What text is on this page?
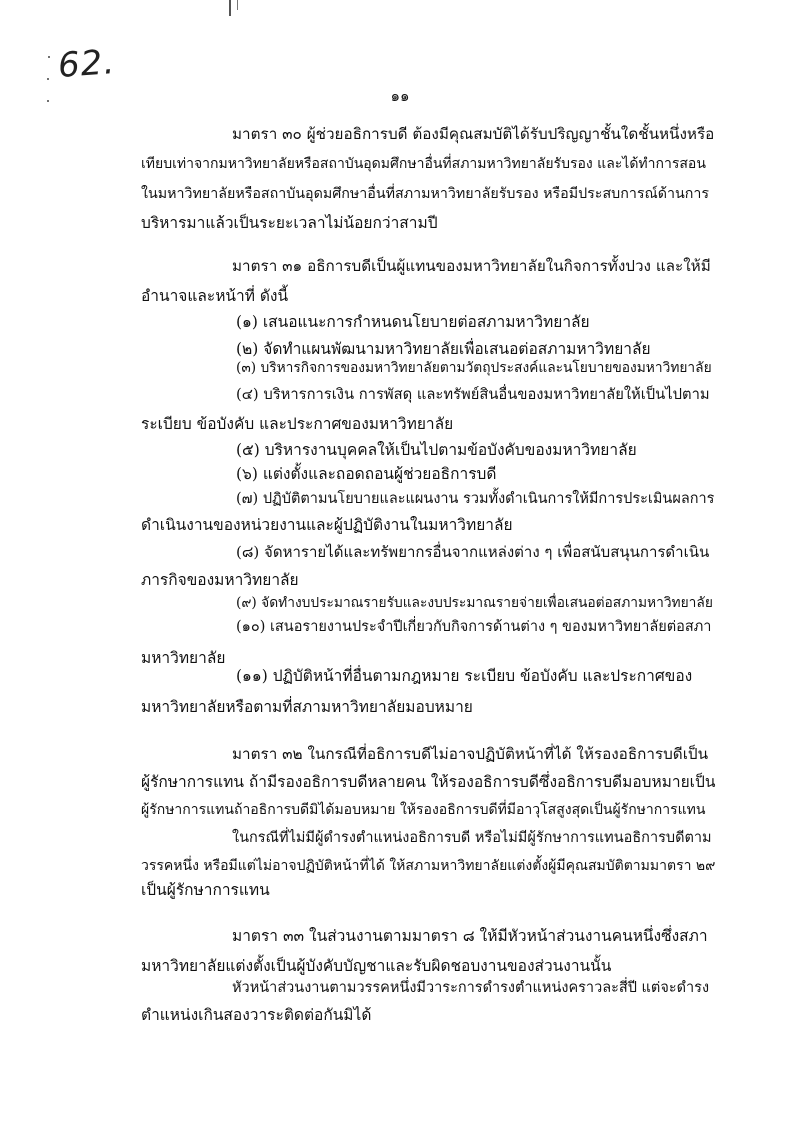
62.
๑๑
มาตรา ๓๐ ผู้ช่วยอธิการบดี ต้องมีคุณสมบัติได้รับปริญญาชั้นใดชั้นหนึ่งหรือ
เทียบเท่าจากมหาวิทยาลัยหรือสถาบันอุดมศึกษาอื่นที่สภามหาวิทยาลัยรับรอง และได้ทำการสอน
ในมหาวิทยาลัยหรือสถาบันอุดมศึกษาอื่นที่สภามหาวิทยาลัยรับรอง หรือมีประสบการณ์ด้านการ
บริหารมาแล้วเป็นระยะเวลาไม่น้อยกว่าสามปี
มาตรา ๓๑ อธิการบดีเป็นผู้แทนของมหาวิทยาลัยในกิจการทั้งปวง และให้มี
อำนาจและหน้าที่ ดังนี้
(๑) เสนอแนะการกำหนดนโยบายต่อสภามหาวิทยาลัย
(๒) จัดทำแผนพัฒนามหาวิทยาลัยเพื่อเสนอต่อสภามหาวิทยาลัย
(๓) บริหารกิจการของมหาวิทยาลัยตามวัตถุประสงค์และนโยบายของมหาวิทยาลัย
(๔) บริหารการเงิน การพัสดุ และทรัพย์สินอื่นของมหาวิทยาลัยให้เป็นไปตาม
ระเบียบ ข้อบังคับ และประกาศของมหาวิทยาลัย
(๕) บริหารงานบุคคลให้เป็นไปตามข้อบังคับของมหาวิทยาลัย
(๖) แต่งตั้งและถอดถอนผู้ช่วยอธิการบดี
(๗) ปฏิบัติตามนโยบายและแผนงาน รวมทั้งดำเนินการให้มีการประเมินผลการ
ดำเนินงานของหน่วยงานและผู้ปฏิบัติงานในมหาวิทยาลัย
(๘) จัดหารายได้และทรัพยากรอื่นจากแหล่งต่าง ๆ เพื่อสนับสนุนการดำเนิน
ภารกิจของมหาวิทยาลัย
(๙) จัดทำงบประมาณรายรับและงบประมาณรายจ่ายเพื่อเสนอต่อสภามหาวิทยาลัย
(๑๐) เสนอรายงานประจำปีเกี่ยวกับกิจการด้านต่าง ๆ ของมหาวิทยาลัยต่อสภา
มหาวิทยาลัย
(๑๑) ปฏิบัติหน้าที่อื่นตามกฎหมาย ระเบียบ ข้อบังคับ และประกาศของ
มหาวิทยาลัยหรือตามที่สภามหาวิทยาลัยมอบหมาย
มาตรา ๓๒ ในกรณีที่อธิการบดีไม่อาจปฏิบัติหน้าที่ได้ ให้รองอธิการบดีเป็น
ผู้รักษาการแทน ถ้ามีรองอธิการบดีหลายคน ให้รองอธิการบดีซึ่งอธิการบดีมอบหมายเป็น
ผู้รักษาการแทนถ้าอธิการบดีมิได้มอบหมาย ให้รองอธิการบดีที่มีอาวุโสสูงสุดเป็นผู้รักษาการแทน
ในกรณีที่ไม่มีผู้ดำรงตำแหน่งอธิการบดี หรือไม่มีผู้รักษาการแทนอธิการบดีตาม
วรรคหนึ่ง หรือมีแต่ไม่อาจปฏิบัติหน้าที่ได้ ให้สภามหาวิทยาลัยแต่งตั้งผู้มีคุณสมบัติตามมาตรา ๒๙
เป็นผู้รักษาการแทน
มาตรา ๓๓ ในส่วนงานตามมาตรา ๘ ให้มีหัวหน้าส่วนงานคนหนึ่งซึ่งสภา
มหาวิทยาลัยแต่งตั้งเป็นผู้บังคับบัญชาและรับผิดชอบงานของส่วนงานนั้น
หัวหน้าส่วนงานตามวรรคหนึ่งมีวาระการดำรงตำแหน่งคราวละสี่ปี แต่จะดำรง
ตำแหน่งเกินสองวาระติดต่อกันมิได้
